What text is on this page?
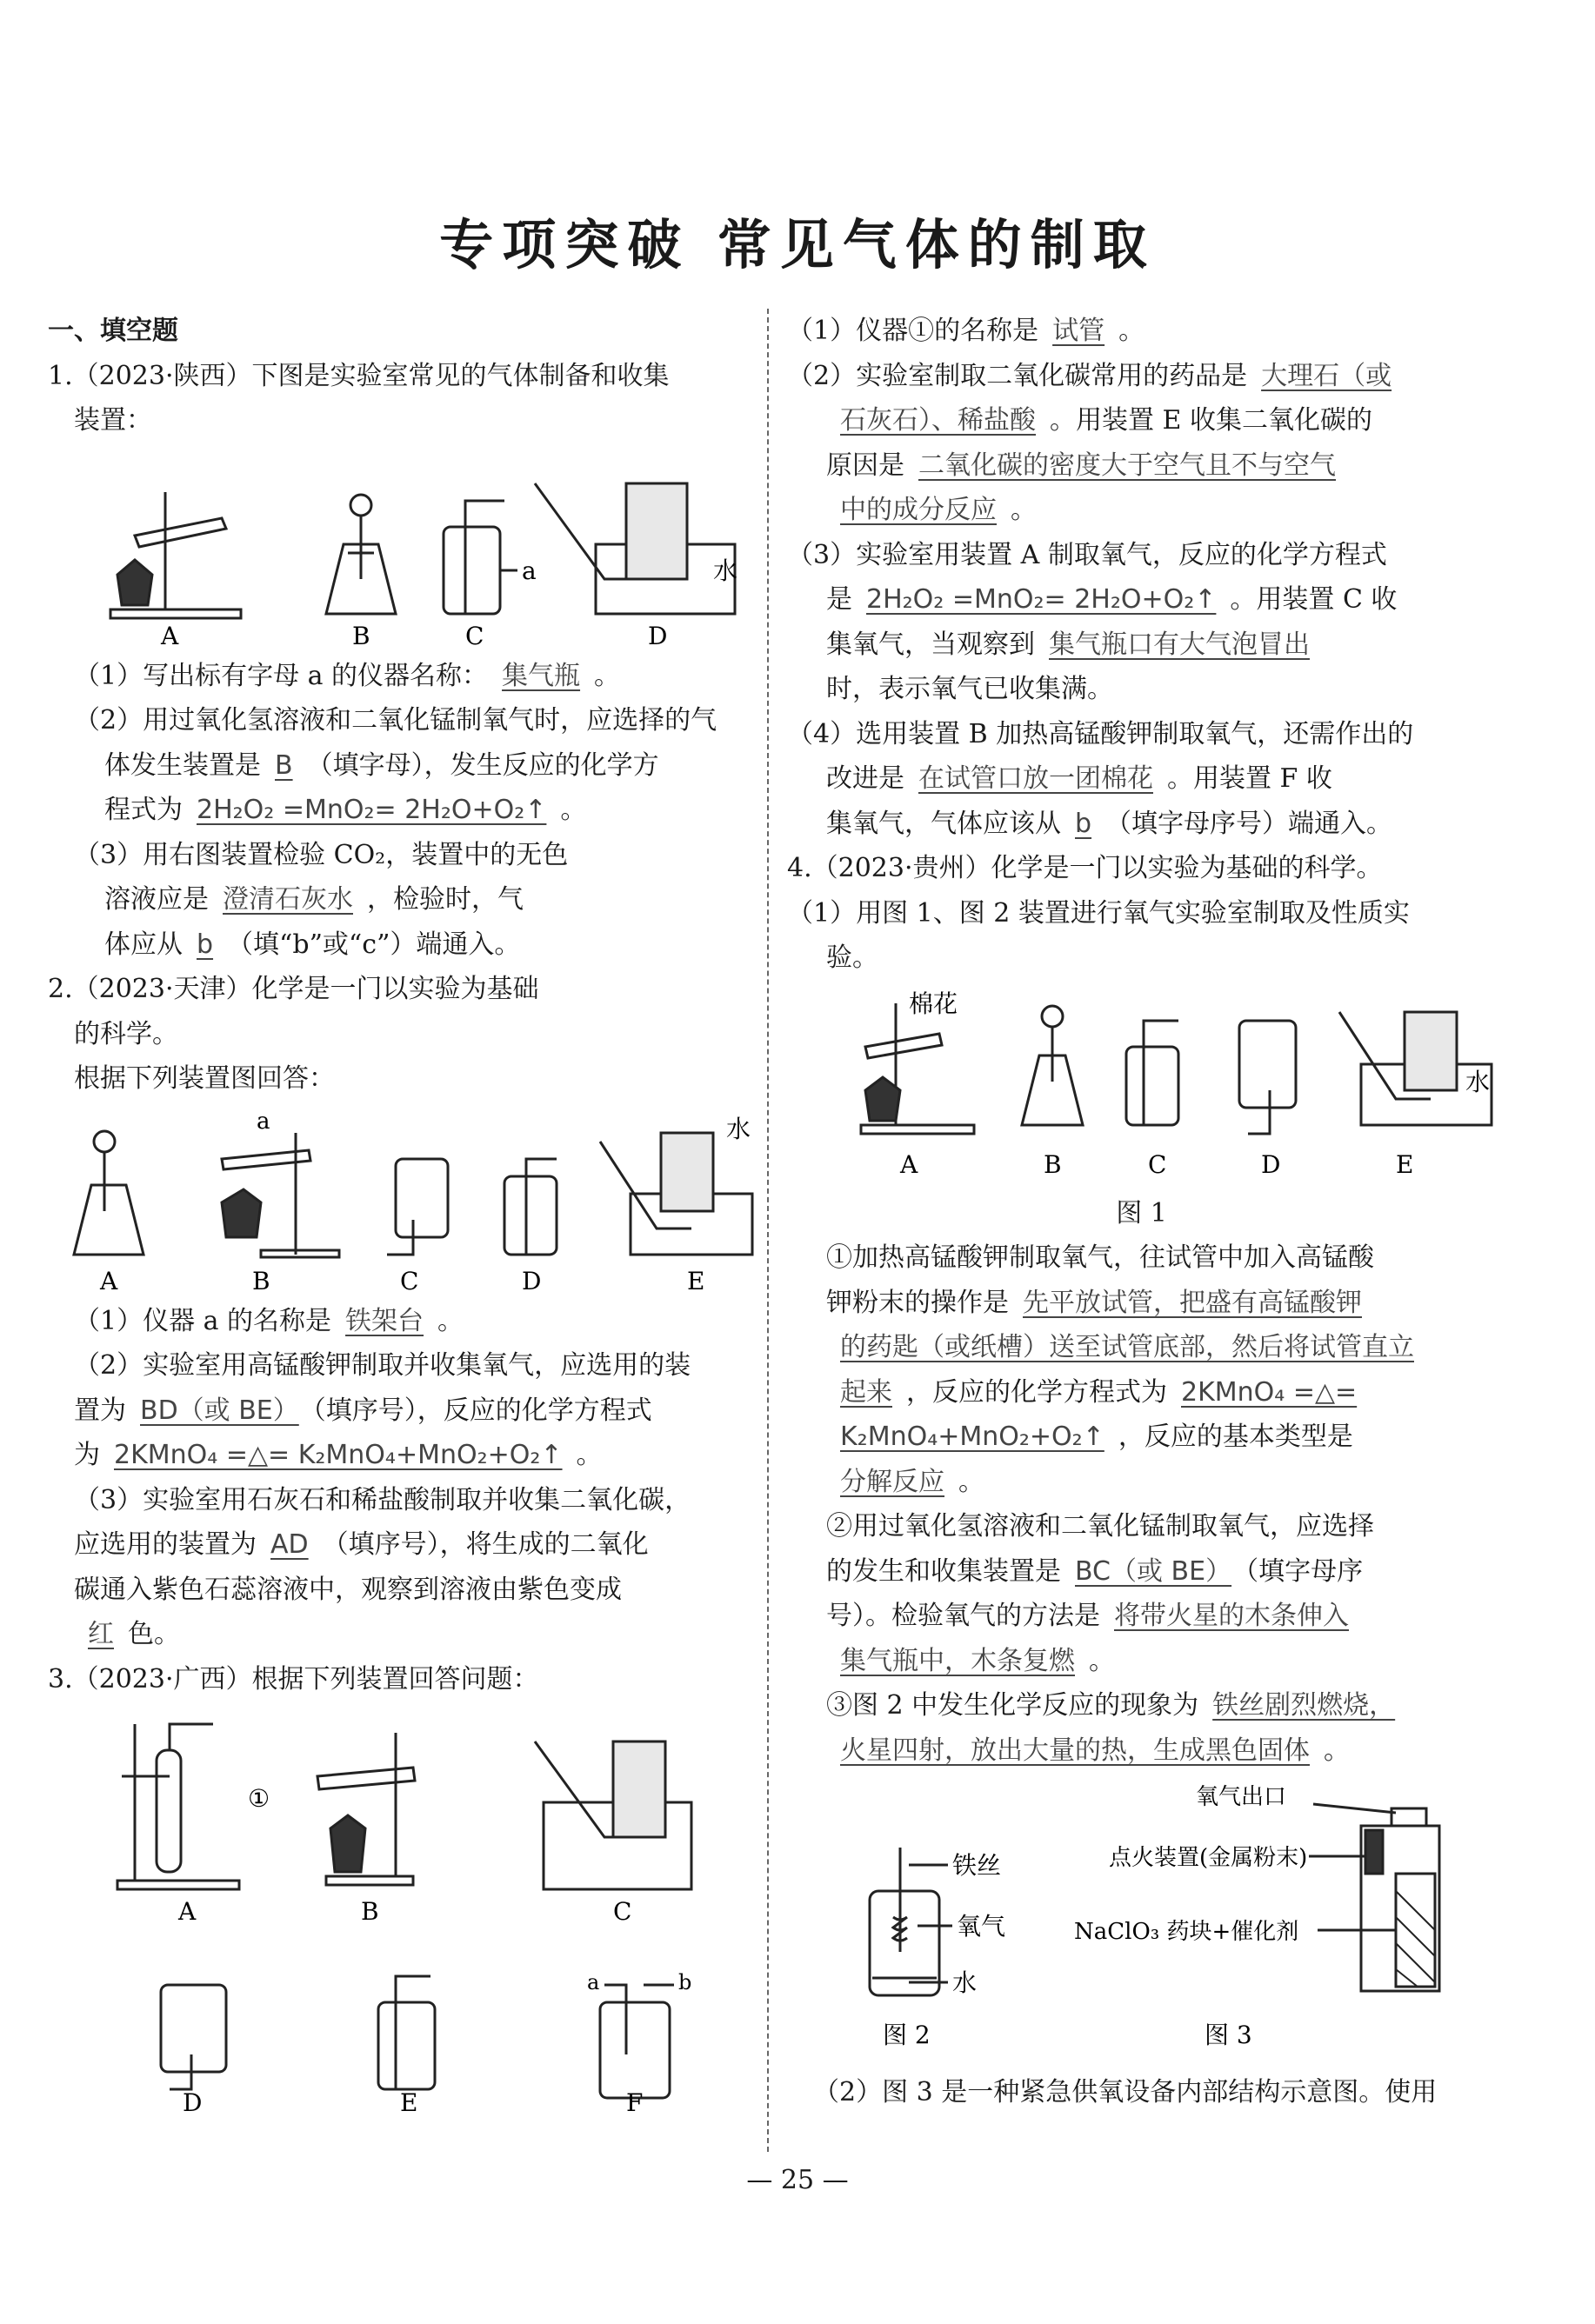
专项突破 常见气体的制取

一、填空题

1.（2023·陕西）下图是实验室常见的气体制备和收集

装置：

a	水
A	B	C	D

（1）写出标有字母 a 的仪器名称： 集气瓶 。

（2）用过氧化氢溶液和二氧化锰制氧气时，应选择的气

体发生装置是 B （填字母），发生反应的化学方

程式为 2H₂O₂ =MnO₂= 2H₂O+O₂↑ 。

（3）用右图装置检验 CO₂，装置中的无色

溶液应是 澄清石灰水 ，检验时，气

体应从 b （填“b”或“c”）端通入。

2.（2023·天津）化学是一门以实验为基础

的科学。

根据下列装置图回答：

a	水
A	B	C	D	E

（1）仪器 a 的名称是 铁架台 。

（2）实验室用高锰酸钾制取并收集氧气，应选用的装

置为 BD（或 BE） （填序号），反应的化学方程式

为 2KMnO₄ =△= K₂MnO₄+MnO₂+O₂↑ 。

（3）实验室用石灰石和稀盐酸制取并收集二氧化碳，

应选用的装置为 AD （填序号），将生成的二氧化

碳通入紫色石蕊溶液中，观察到溶液由紫色变成

红 色。

3.（2023·广西）根据下列装置回答问题：

①
a	b
A	B	C
D	E	F

（1）仪器①的名称是 试管 。

（2）实验室制取二氧化碳常用的药品是 大理石（或

石灰石）、稀盐酸 。用装置 E 收集二氧化碳的

原因是 二氧化碳的密度大于空气且不与空气

中的成分反应 。

（3）实验室用装置 A 制取氧气，反应的化学方程式

是 2H₂O₂ =MnO₂= 2H₂O+O₂↑ 。用装置 C 收

集氧气，当观察到 集气瓶口有大气泡冒出

时，表示氧气已收集满。

（4）选用装置 B 加热高锰酸钾制取氧气，还需作出的

改进是 在试管口放一团棉花 。用装置 F 收

集氧气，气体应该从 b （填字母序号）端通入。

4.（2023·贵州）化学是一门以实验为基础的科学。

（1）用图 1、图 2 装置进行氧气实验室制取及性质实

验。

棉花
水
A	B	C	D	E

图 1

①加热高锰酸钾制取氧气，往试管中加入高锰酸

钾粉末的操作是 先平放试管，把盛有高锰酸钾

的药匙（或纸槽）送至试管底部，然后将试管直立

起来 ，反应的化学方程式为 2KMnO₄ =△=

K₂MnO₄+MnO₂+O₂↑ ，反应的基本类型是

分解反应 。

②用过氧化氢溶液和二氧化锰制取氧气，应选择

的发生和收集装置是 BC（或 BE） （填字母序

号）。检验氧气的方法是 将带火星的木条伸入

集气瓶中，木条复燃 。

③图 2 中发生化学反应的现象为 铁丝剧烈燃烧，

火星四射，放出大量的热，生成黑色固体 。

铁丝
氧气
水
图 2
氧气出口
点火装置(金属粉末)
NaClO₃ 药块+催化剂
图 3

（2）图 3 是一种紧急供氧设备内部结构示意图。使用

— 25 —
